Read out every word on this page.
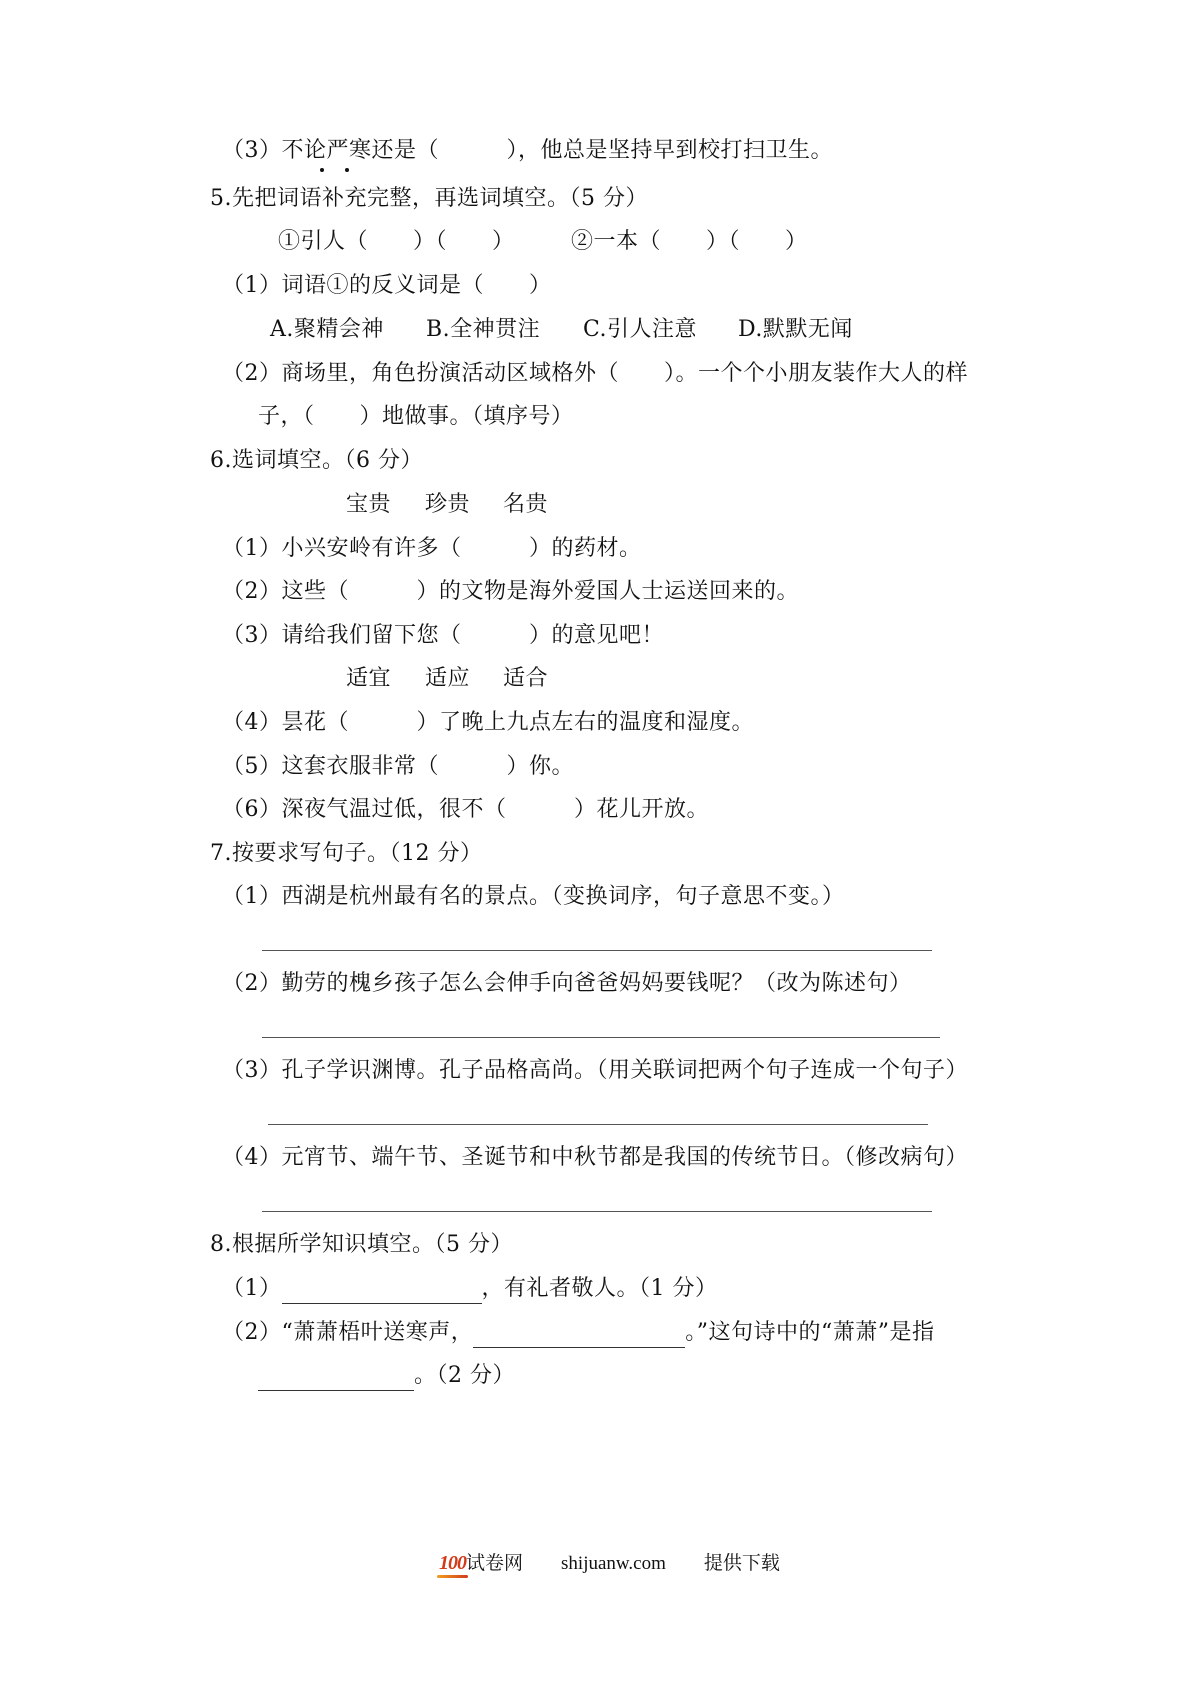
（3）不论严寒还是（　　　），他总是坚持早到校打扫卫生。
5.先把词语补充完整，再选词填空。（5 分）
①引人（　　）（　　）　　　②一本（　　）（　　）
（1）词语①的反义词是（　　）
A.聚精会神 B.全神贯注 C.引人注意 D.默默无闻
（2）商场里，角色扮演活动区域格外（　　）。一个个小朋友装作大人的样
子，（　　）地做事。（填序号）
6.选词填空。（6 分）
宝贵 珍贵 名贵
（1）小兴安岭有许多（　　　）的药材。
（2）这些（　　　）的文物是海外爱国人士运送回来的。
（3）请给我们留下您（　　　）的意见吧！
适宜 适应 适合
（4）昙花（　　　）了晚上九点左右的温度和湿度。
（5）这套衣服非常（　　　）你。
（6）深夜气温过低，很不（　　　）花儿开放。
7.按要求写句子。（12 分）
（1）西湖是杭州最有名的景点。（变换词序，句子意思不变。）
（2）勤劳的槐乡孩子怎么会伸手向爸爸妈妈要钱呢？（改为陈述句）
（3）孔子学识渊博。孔子品格高尚。（用关联词把两个句子连成一个句子）
（4）元宵节、端午节、圣诞节和中秋节都是我国的传统节日。（修改病句）
8.根据所学知识填空。（5 分）
（1）	，有礼者敬人。（1 分）
（2）“萧萧梧叶送寒声，	。”这句诗中的“萧萧”是指
。（2 分）

100
试卷网 shijuanw.com 提供下载
